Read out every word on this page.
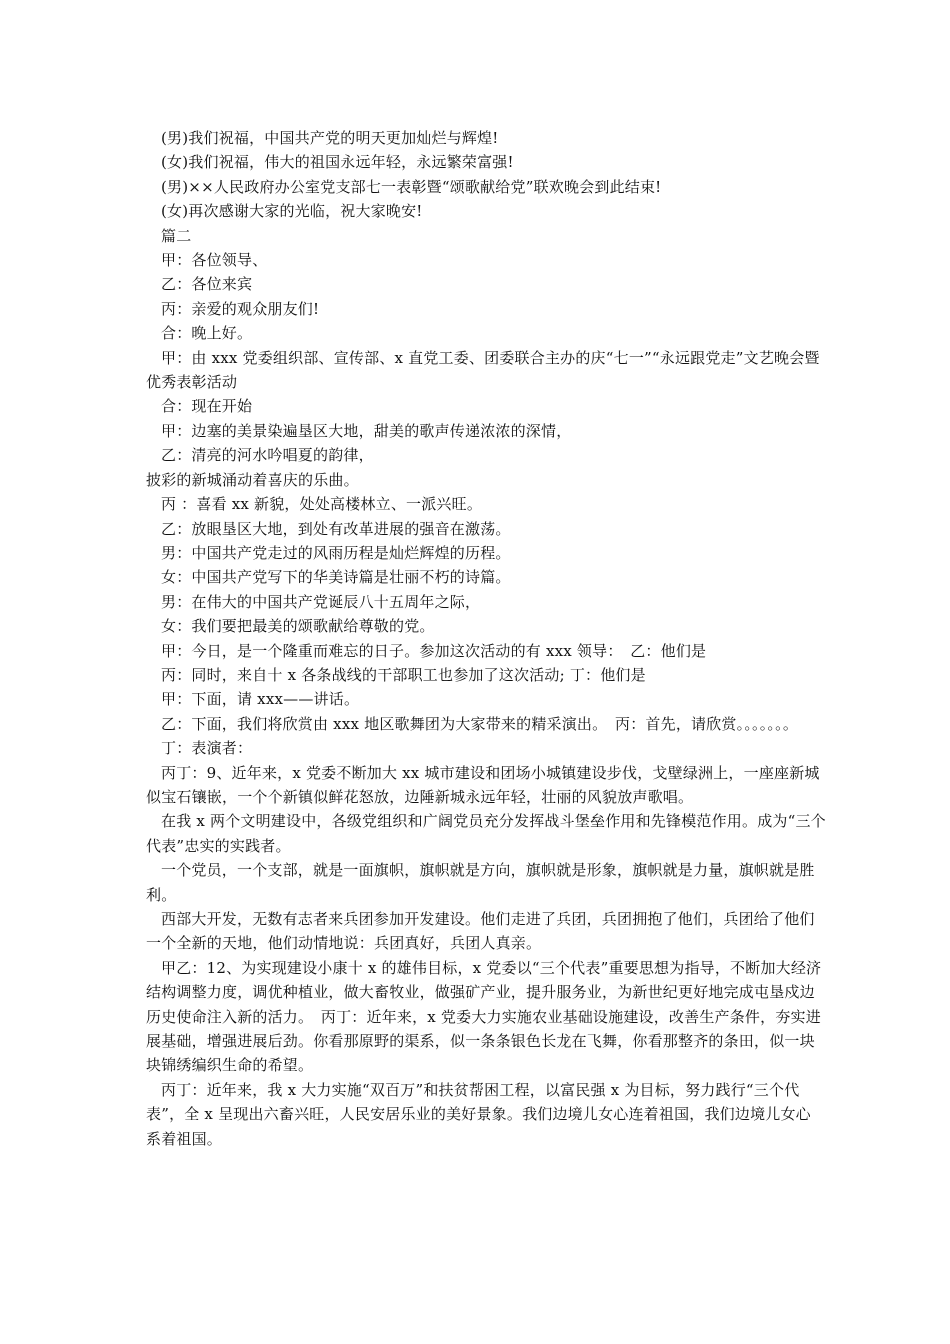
(男)我们祝福，中国共产党的明天更加灿烂与辉煌!

(女)我们祝福，伟大的祖国永远年轻，永远繁荣富强!

(男)××人民政府办公室党支部七一表彰暨“颂歌献给党”联欢晚会到此结束!

(女)再次感谢大家的光临，祝大家晚安!

篇二

甲：各位领导、

乙：各位来宾

丙：亲爱的观众朋友们!

合：晚上好。

甲：由 xxx 党委组织部、宣传部、x 直党工委、团委联合主办的庆“七一”“永远跟党走”文艺晚会暨优秀表彰活动

合：现在开始

甲：边塞的美景染遍垦区大地，甜美的歌声传递浓浓的深情，

乙：清亮的河水吟唱夏的韵律，

披彩的新城涌动着喜庆的乐曲。

丙 ：喜看 xx 新貌，处处高楼林立、一派兴旺。

乙：放眼垦区大地，到处有改革进展的强音在激荡。

男：中国共产党走过的风雨历程是灿烂辉煌的历程。

女：中国共产党写下的华美诗篇是壮丽不朽的诗篇。

男：在伟大的中国共产党诞辰八十五周年之际，

女：我们要把最美的颂歌献给尊敬的党。

甲：今日，是一个隆重而难忘的日子。参加这次活动的有 xxx 领导：　乙：他们是

丙：同时，来自十 x 各条战线的干部职工也参加了这次活动; 丁：他们是

甲：下面，请 xxx——讲话。

乙：下面，我们将欣赏由 xxx 地区歌舞团为大家带来的精采演出。　丙：首先，请欣赏。。。。。。。

丁：表演者：

丙丁：9、近年来，x 党委不断加大 xx 城市建设和团场小城镇建设步伐，戈壁绿洲上，一座座新城似宝石镶嵌，一个个新镇似鲜花怒放，边陲新城永远年轻，壮丽的风貌放声歌唱。

在我 x 两个文明建设中，各级党组织和广阔党员充分发挥战斗堡垒作用和先锋模范作用。成为“三个代表”忠实的实践者。

一个党员，一个支部，就是一面旗帜，旗帜就是方向，旗帜就是形象，旗帜就是力量，旗帜就是胜利。

西部大开发，无数有志者来兵团参加开发建设。他们走进了兵团，兵团拥抱了他们，兵团给了他们一个全新的天地，他们动情地说：兵团真好，兵团人真亲。

甲乙：12、为实现建设小康十 x 的雄伟目标，x 党委以“三个代表”重要思想为指导，不断加大经济结构调整力度，调优种植业，做大畜牧业，做强矿产业，提升服务业，为新世纪更好地完成屯垦戍边历史使命注入新的活力。　丙丁：近年来，x 党委大力实施农业基础设施建设，改善生产条件，夯实进展基础，增强进展后劲。你看那原野的渠系，似一条条银色长龙在飞舞，你看那整齐的条田，似一块块锦绣编织生命的希望。

丙丁：近年来，我 x 大力实施“双百万”和扶贫帮困工程，以富民强 x 为目标，努力践行“三个代表”，全 x 呈现出六畜兴旺，人民安居乐业的美好景象。我们边境儿女心连着祖国，我们边境儿女心系着祖国。
